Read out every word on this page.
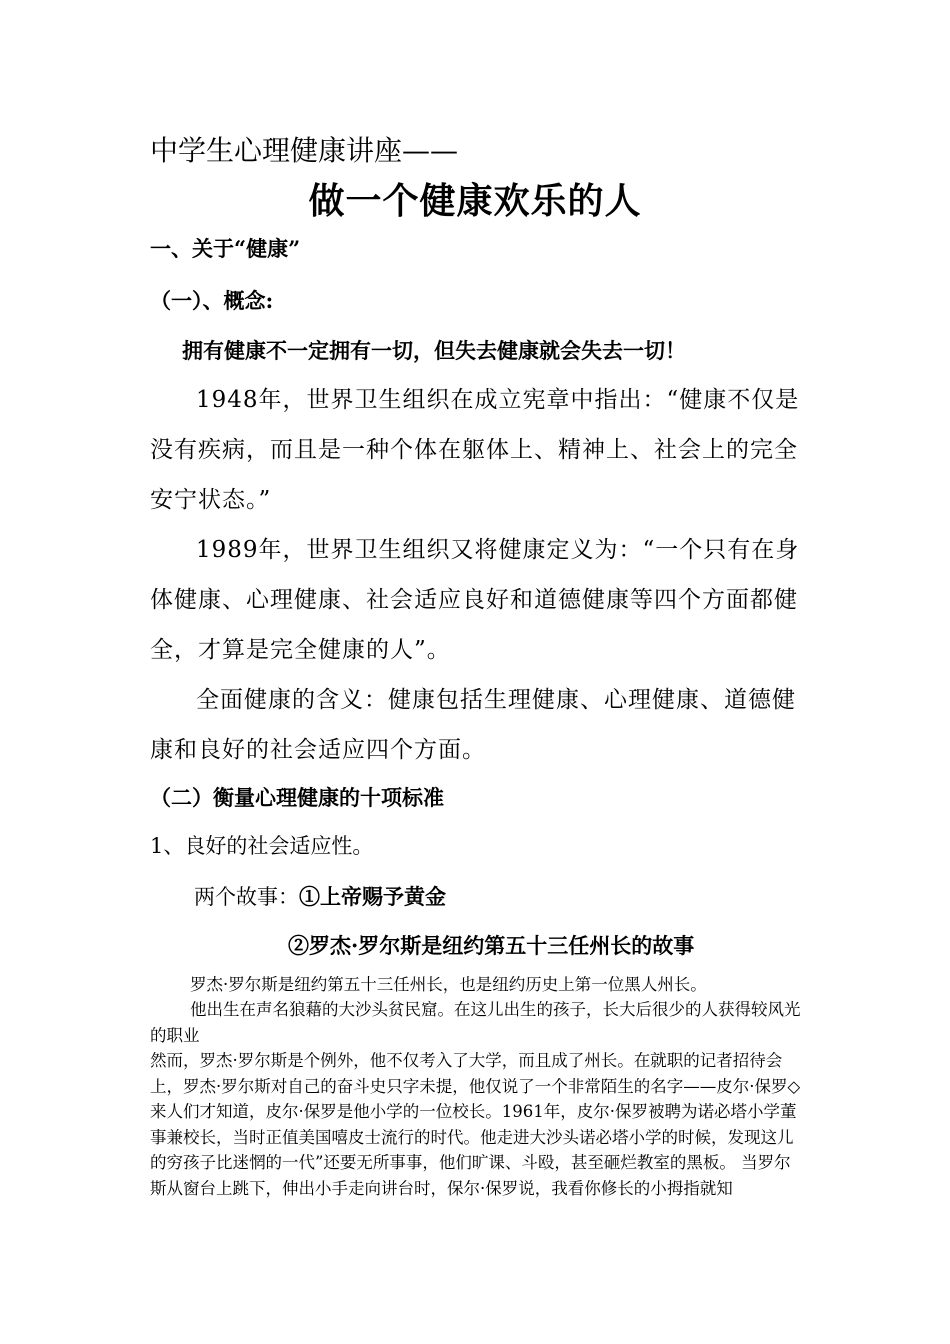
中学生心理健康讲座——
做一个健康欢乐的人
一、关于“健康”
（一）、概念:
拥有健康不一定拥有一切，但失去健康就会失去一切！
1948年，世界卫生组织在成立宪章中指出：“健康不仅是没有疾病，而且是一种个体在躯体上、精神上、社会上的完全安宁状态。”
1989年，世界卫生组织又将健康定义为：“一个只有在身体健康、心理健康、社会适应良好和道德健康等四个方面都健全，才算是完全健康的人”。
全面健康的含义：健康包括生理健康、心理健康、道德健康和良好的社会适应四个方面。
（二）衡量心理健康的十项标准
1、良好的社会适应性。
两个故事：①上帝赐予黄金
②罗杰·罗尔斯是纽约第五十三任州长的故事
罗杰·罗尔斯是纽约第五十三任州长，也是纽约历史上第一位黑人州长。
他出生在声名狼藉的大沙头贫民窟。在这儿出生的孩子，长大后很少的人获得较风光的职业
然而，罗杰·罗尔斯是个例外，他不仅考入了大学，而且成了州长。在就职的记者招待会上，罗杰·罗尔斯对自己的奋斗史只字未提，他仅说了一个非常陌生的名字——皮尔·保罗◇来人们才知道，皮尔·保罗是他小学的一位校长。1961年，皮尔·保罗被聘为诺必塔小学董事兼校长，当时正值美国嘻皮士流行的时代。他走进大沙头诺必塔小学的时候，发现这儿的穷孩子比迷惘的一代”还要无所事事，他们旷课、斗殴，甚至砸烂教室的黑板。 当罗尔斯从窗台上跳下，伸出小手走向讲台时，保尔·保罗说，我看你修长的小拇指就知
